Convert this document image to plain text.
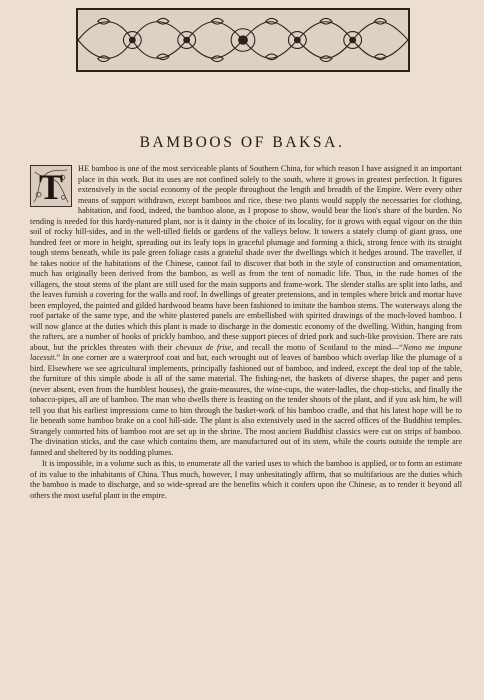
BAMBOOS OF BAKSA.

T	HE bamboo is one of the most serviceable plants of Southern China, for which reason I have assigned it an important place in this work. But its uses are not confined solely to the south, where it grows in greatest perfection. It figures extensively in the social economy of the people throughout the length and breadth of the Empire. Were every other means of support withdrawn, except bamboos and rice, these two plants would supply the necessaries for clothing, habitation, and food, indeed, the bamboo alone, as I propose to show, would bear the lion's share of the burden. No tending is needed for this hardy-natured plant, nor is it dainty in the choice of its locality, for it grows with equal vigour on the thin soil of rocky hill-sides, and in the well-tilled fields or gardens of the valleys below. It towers a stately clump of giant grass, one hundred feet or more in height, spreading out its leafy tops in graceful plumage and forming a thick, strong fence with its straight tough stems beneath, while its pale green foliage casts a grateful shade over the dwellings which it hedges around. The traveller, if he takes notice of the habitations of the Chinese, cannot fail to discover that both in the style of construction and ornamentation, much has originally been derived from the bamboo, as well as from the tent of nomadic life. Thus, in the rude homes of the villagers, the stout stems of the plant are still used for the main supports and frame-work. The slender stalks are split into laths, and the leaves furnish a covering for the walls and roof. In dwellings of greater pretensions, and in temples where brick and mortar have been employed, the painted and gilded hardwood beams have been fashioned to imitate the bamboo stems. The waterways along the roof partake of the same type, and the white plastered panels are embellished with spirited drawings of the much-loved bamboo. I will now glance at the duties which this plant is made to discharge in the domestic economy of the dwelling. Within, hanging from the rafters, are a number of hooks of prickly bamboo, and these support pieces of dried pork and such-like provision. There are rats about, but the prickles threaten with their chevaux de frise, and recall the motto of Scotland to the mind—“Nemo me impune lacessit.” In one corner are a waterproof coat and hat, each wrought out of leaves of bamboo which overlap like the plumage of a bird. Elsewhere we see agricultural implements, principally fashioned out of bamboo, and indeed, except the deal top of the table, the furniture of this simple abode is all of the same material. The fishing-net, the baskets of diverse shapes, the paper and pens (never absent, even from the humblest houses), the grain-measures, the wine-cups, the water-ladles, the chop-sticks, and finally the tobacco-pipes, all are of bamboo. The man who dwells there is feasting on the tender shoots of the plant, and if you ask him, he will tell you that his earliest impressions came to him through the basket-work of his bamboo cradle, and that his latest hope will be to lie beneath some bamboo brake on a cool hill-side. The plant is also extensively used in the sacred offices of the Buddhist temples. Strangely contorted bits of bamboo root are set up in the shrine. The most ancient Buddhist classics were cut on strips of bamboo. The divination sticks, and the case which contains them, are manufactured out of its stem, while the courts outside the temple are fanned and sheltered by its nodding plumes.

It is impossible, in a volume such as this, to enumerate all the varied uses to which the bamboo is applied, or to form an estimate of its value to the inhabitants of China. Thus much, however, I may unhesitatingly affirm, that so multifarious are the duties which the bamboo is made to discharge, and so wide-spread are the benefits which it confers upon the Chinese, as to render it beyond all others the most useful plant in the empire.
